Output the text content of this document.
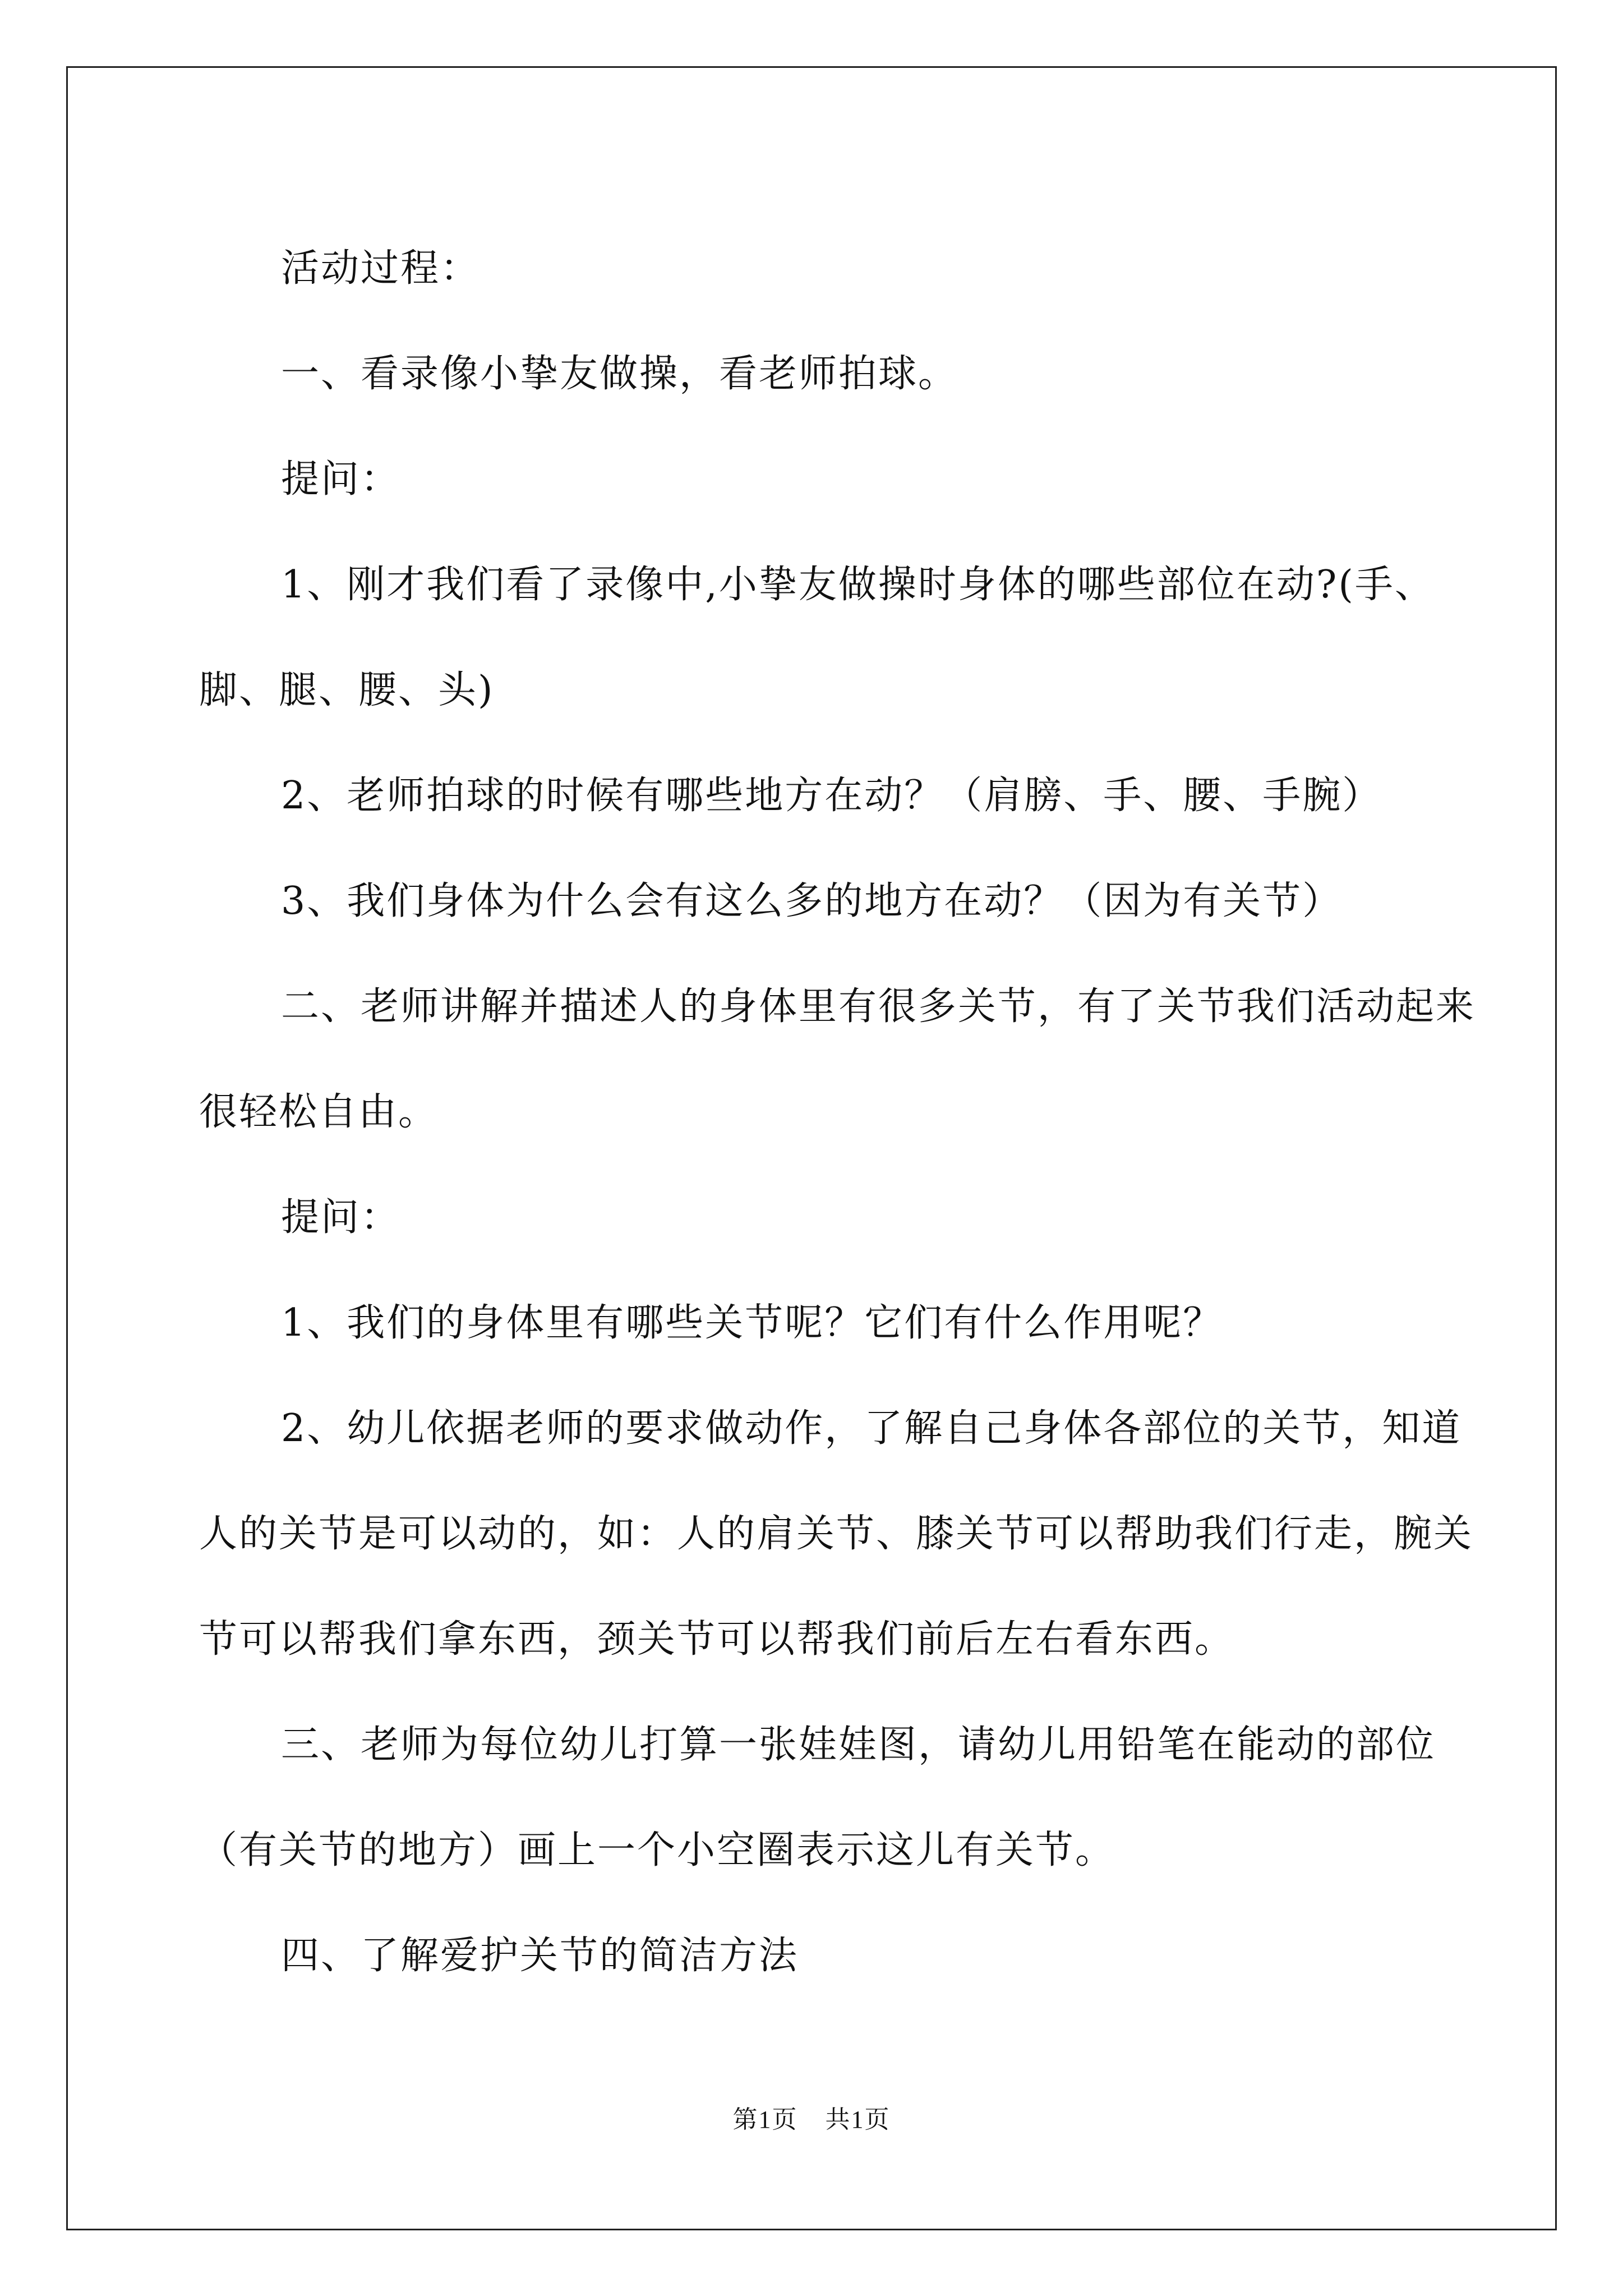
活动过程：

一、看录像小挚友做操，看老师拍球。

提问：

1、刚才我们看了录像中,小挚友做操时身体的哪些部位在动?(手、脚、腿、腰、头)

2、老师拍球的时候有哪些地方在动？（肩膀、手、腰、手腕）

3、我们身体为什么会有这么多的地方在动？（因为有关节）

二、老师讲解并描述人的身体里有很多关节，有了关节我们活动起来很轻松自由。

提问：

1、我们的身体里有哪些关节呢？它们有什么作用呢？

2、幼儿依据老师的要求做动作，了解自己身体各部位的关节，知道人的关节是可以动的，如：人的肩关节、膝关节可以帮助我们行走，腕关节可以帮我们拿东西，颈关节可以帮我们前后左右看东西。

三、老师为每位幼儿打算一张娃娃图，请幼儿用铅笔在能动的部位（有关节的地方）画上一个小空圈表示这儿有关节。

四、了解爱护关节的简洁方法

第1页 共1页
